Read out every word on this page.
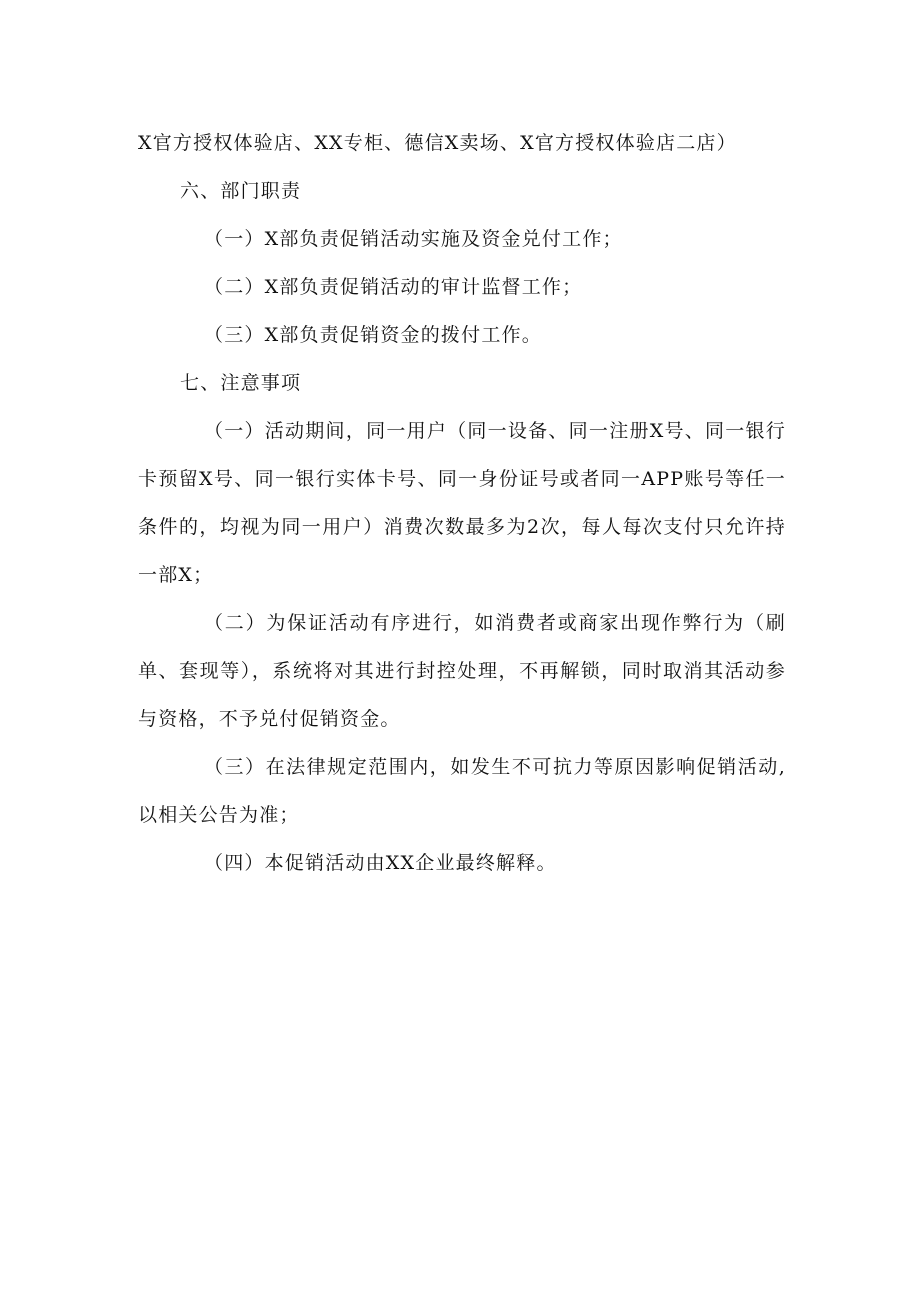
X官方授权体验店、XX专柜、德信X卖场、X官方授权体验店二店）

六、部门职责

（一）X部负责促销活动实施及资金兑付工作；

（二）X部负责促销活动的审计监督工作；

（三）X部负责促销资金的拨付工作。

七、注意事项

（一）活动期间，同一用户（同一设备、同一注册X号、同一银行卡预留X号、同一银行实体卡号、同一身份证号或者同一APP账号等任一条件的，均视为同一用户）消费次数最多为2次，每人每次支付只允许持一部X；

（二）为保证活动有序进行，如消费者或商家出现作弊行为（刷单、套现等），系统将对其进行封控处理，不再解锁，同时取消其活动参与资格，不予兑付促销资金。

（三）在法律规定范围内，如发生不可抗力等原因影响促销活动,以相关公告为准；

（四）本促销活动由XX企业最终解释。
